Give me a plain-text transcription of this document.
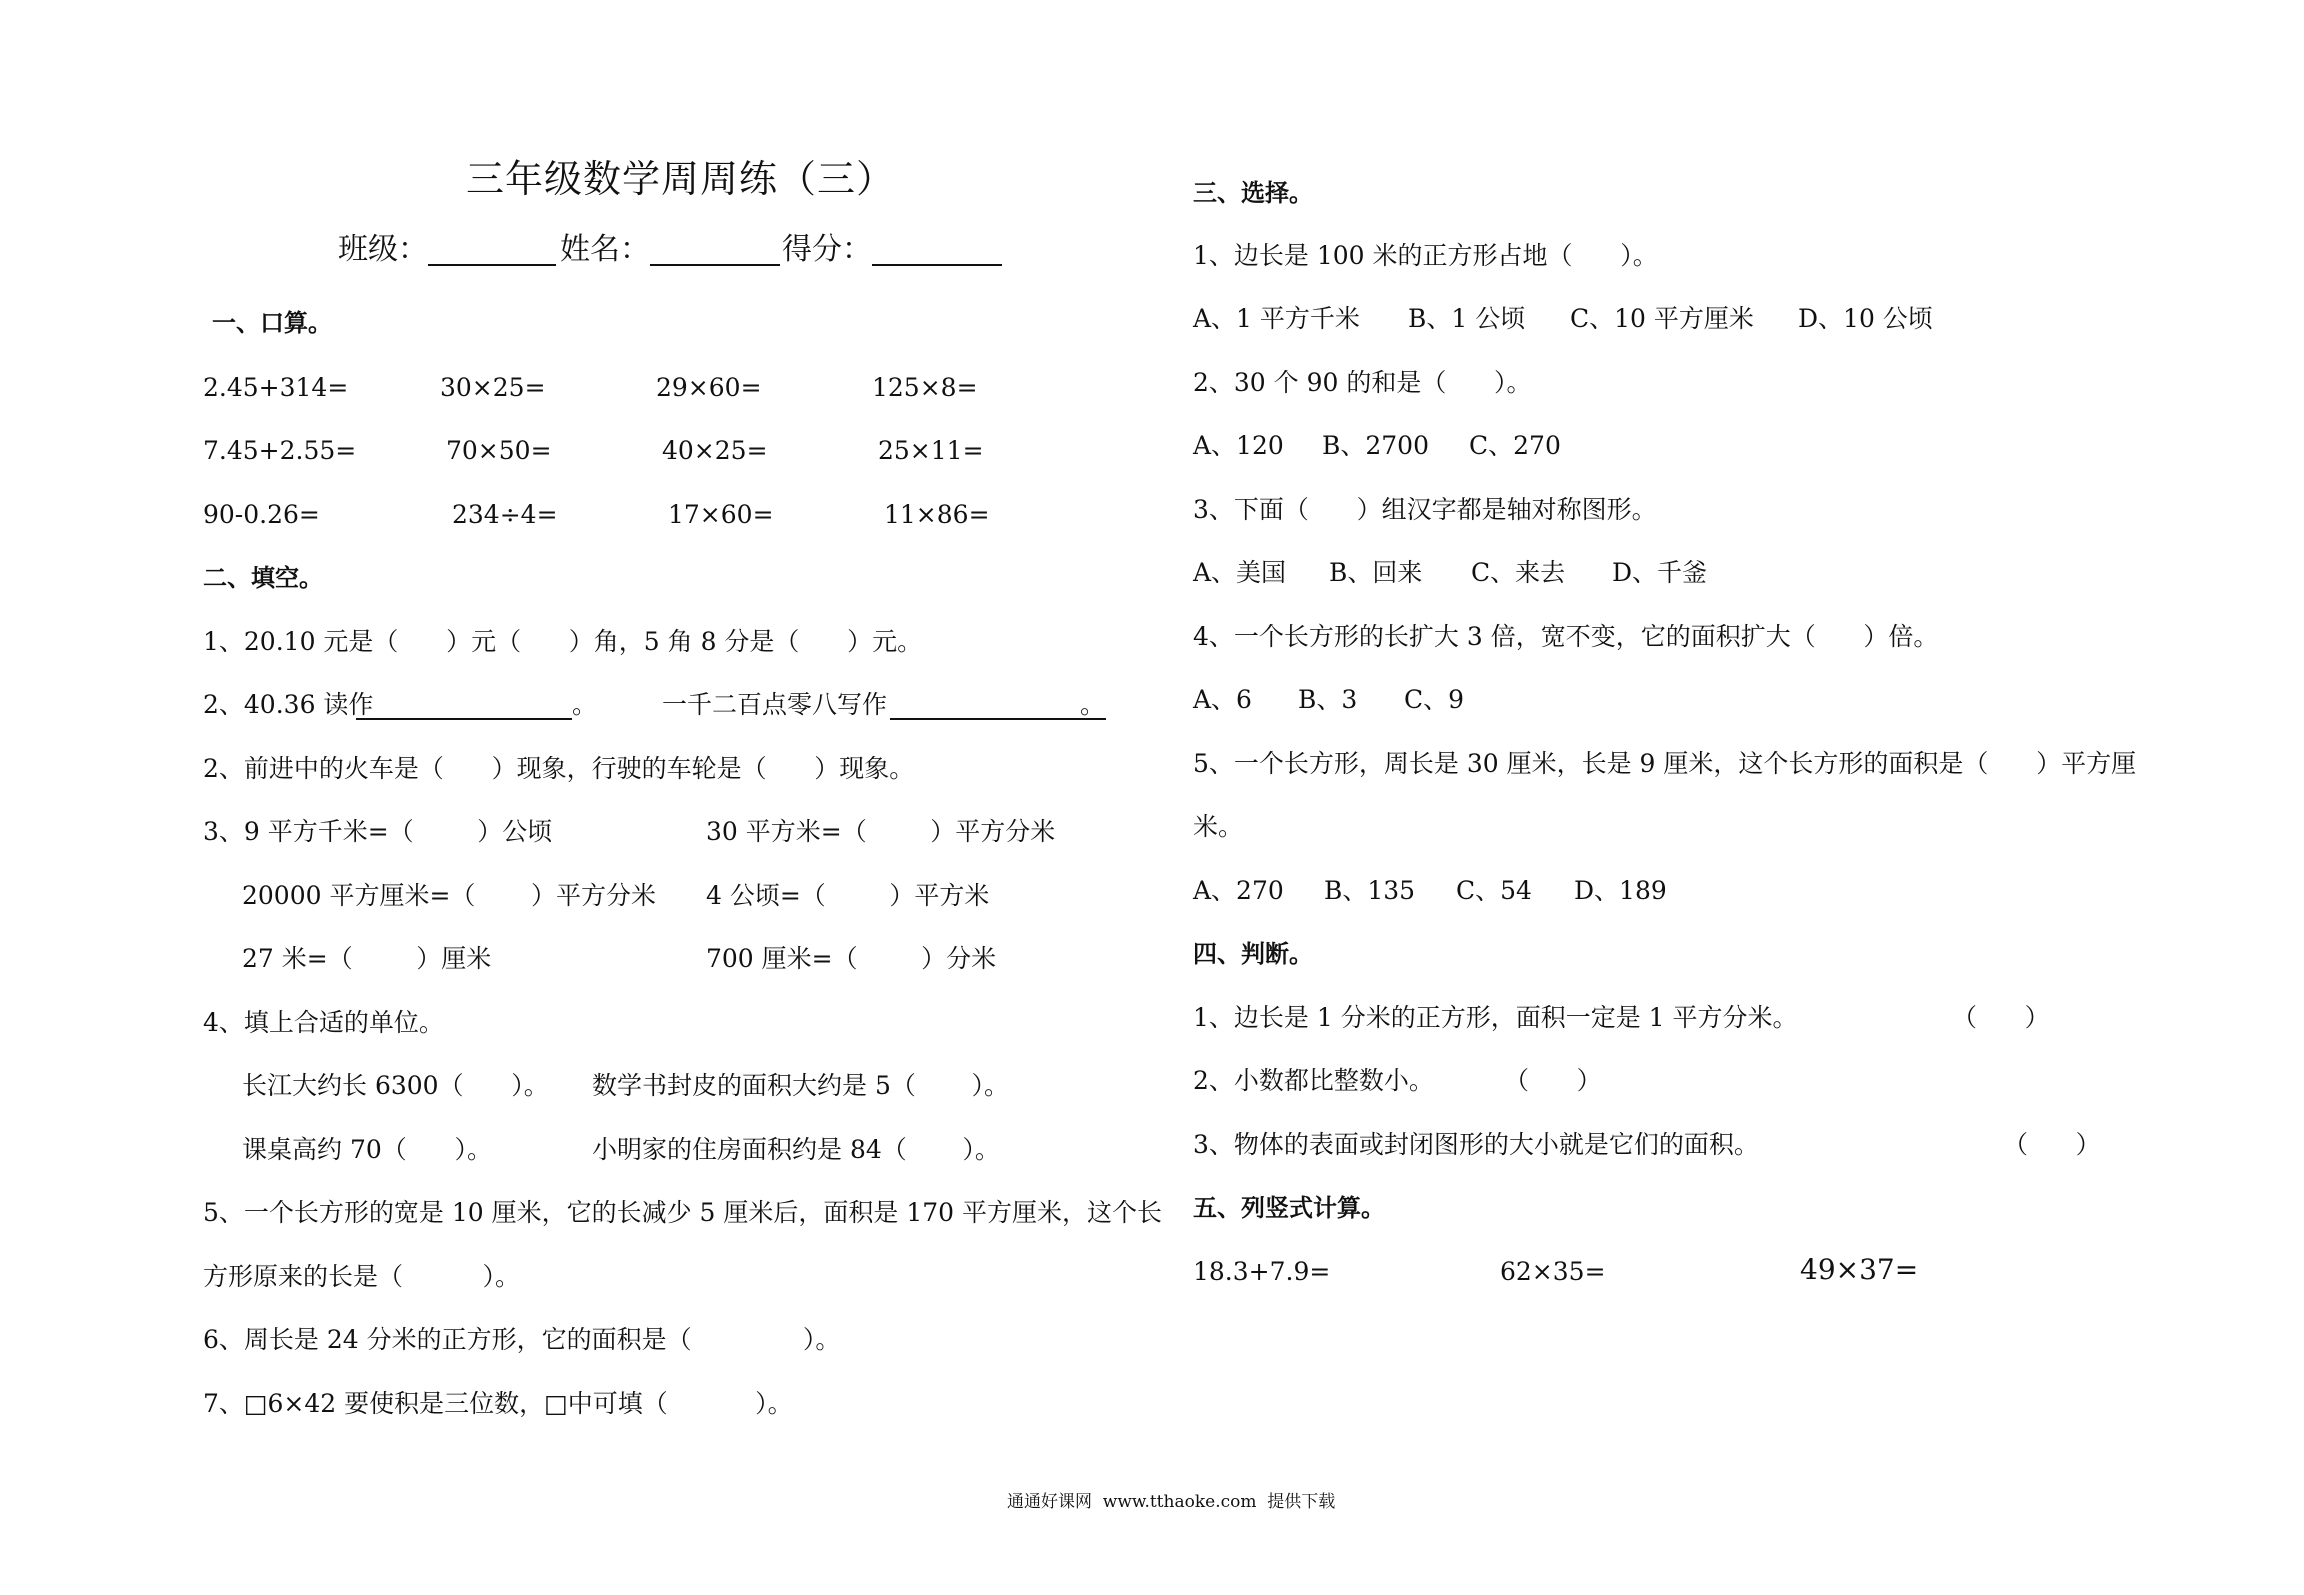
三年级数学周周练（三）
班级：	姓名：	得分：
一、口算。
2.45+314=	30×25=	29×60=	125×8=
7.45+2.55=	70×50=	40×25=	25×11=
90-0.26=	234÷4=	17×60=	11×86=
二、填空。
1、20.10 元是（      ）元（      ）角，5 角 8 分是（      ）元。
2、40.36 读作	。	一千二百点零八写作	。
2、前进中的火车是（      ）现象，行驶的车轮是（      ）现象。
3、9 平方千米=（        ）公顷	30 平方米=（        ）平方分米
20000 平方厘米=（       ）平方分米 4 公顷=（        ）平方米
27 米=（        ）厘米	700 厘米=（        ）分米
4、填上合适的单位。
长江大约长 6300（      ）。 数学书封皮的面积大约是 5（       ）。
课桌高约 70（      ）。	小明家的住房面积约是 84（       ）。
5、一个长方形的宽是 10 厘米，它的长减少 5 厘米后，面积是 170 平方厘米，这个长
方形原来的长是（          ）。
6、周长是 24 分米的正方形，它的面积是（              ）。
7、□6×42 要使积是三位数，□中可填（           ）。
三、选择。
1、边长是 100 米的正方形占地（      ）。
A、1 平方千米 B、1 公顷 C、10 平方厘米 D、10 公顷
2、30 个 90 的和是（      ）。
A、120 B、2700 C、270
3、下面（      ）组汉字都是轴对称图形。
A、美国 B、回来 C、来去 D、千釜
4、一个长方形的长扩大 3 倍，宽不变，它的面积扩大（      ）倍。
A、6 B、3 C、9
5、一个长方形，周长是 30 厘米，长是 9 厘米，这个长方形的面积是（      ）平方厘
米。
A、270 B、135 C、54 D、189
四、判断。
1、边长是 1 分米的正方形，面积一定是 1 平方分米。	（      ）
2、小数都比整数小。	（      ）
3、物体的表面或封闭图形的大小就是它们的面积。	（      ）
五、列竖式计算。
18.3+7.9=	62×35=	49×37=
通通好课网  www.tthaoke.com  提供下载
